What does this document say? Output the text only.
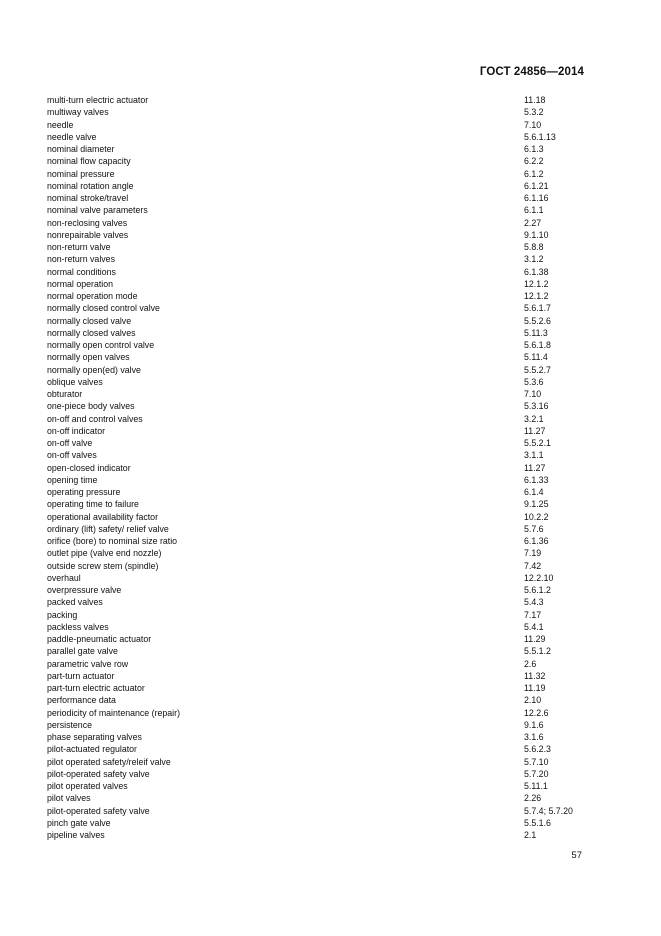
ГОСТ 24856—2014
multi-turn electric actuator	11.18
multiway valves	5.3.2
needle	7.10
needle valve	5.6.1.13
nominal diameter	6.1.3
nominal flow capacity	6.2.2
nominal pressure	6.1.2
nominal rotation angle	6.1.21
nominal stroke/travel	6.1.16
nominal valve parameters	6.1.1
non-reclosing valves	2.27
nonrepairable valves	9.1.10
non-return valve	5.8.8
non-return valves	3.1.2
normal conditions	6.1.38
normal operation	12.1.2
normal operation mode	12.1.2
normally closed control valve	5.6.1.7
normally closed valve	5.5.2.6
normally closed valves	5.11.3
normally open control valve	5.6.1.8
normally open valves	5.11.4
normally open(ed) valve	5.5.2.7
oblique valves	5.3.6
obturator	7.10
one-piece body valves	5.3.16
on-off and control valves	3.2.1
on-off indicator	11.27
on-off valve	5.5.2.1
on-off valves	3.1.1
open-closed indicator	11.27
opening time	6.1.33
operating pressure	6.1.4
operating time to failure	9.1.25
operational availability factor	10.2.2
ordinary (lift) safety/ relief valve	5.7.6
orifice (bore) to nominal size ratio	6.1.36
outlet pipe (valve end nozzle)	7.19
outside screw stem (spindle)	7.42
overhaul	12.2.10
overpressure valve	5.6.1.2
packed valves	5.4.3
packing	7.17
packless valves	5.4.1
paddle-pneumatic actuator	11.29
parallel gate valve	5.5.1.2
parametric valve row	2.6
part-turn actuator	11.32
part-turn electric actuator	11.19
performance data	2.10
periodicity of maintenance (repair)	12.2.6
persistence	9.1.6
phase separating valves	3.1.6
pilot-actuated regulator	5.6.2.3
pilot operated safety/releif valve	5.7.10
pilot-operated safety valve	5.7.20
pilot operated valves	5.11.1
pilot valves	2.26
pilot-operated safety valve	5.7.4; 5.7.20
pinch gate valve	5.5.1.6
pipeline valves	2.1
57
